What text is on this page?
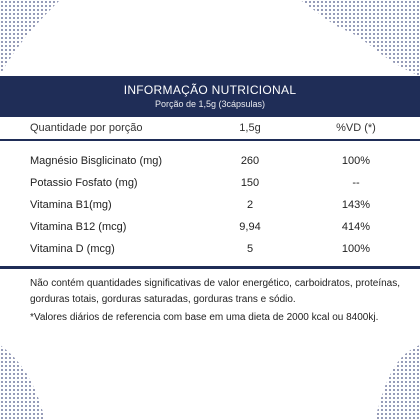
INFORMAÇÃO NUTRICIONAL
Porção de 1,5g (3cápsulas)
Quantidade por porção	1,5g	%VD (*)
Magnésio Bisglicinato (mg)	260	100%
Potassio Fosfato (mg)	150	--
Vitamina B1(mg)	2	143%
Vitamina B12 (mcg)	9,94	414%
Vitamina D (mcg)	5	100%

Não contém quantidades significativas de valor energético, carboidratos, proteínas, gorduras totais, gorduras saturadas, gorduras trans e sódio.

*Valores diários de referencia com base em uma dieta de 2000 kcal ou 8400kj.
